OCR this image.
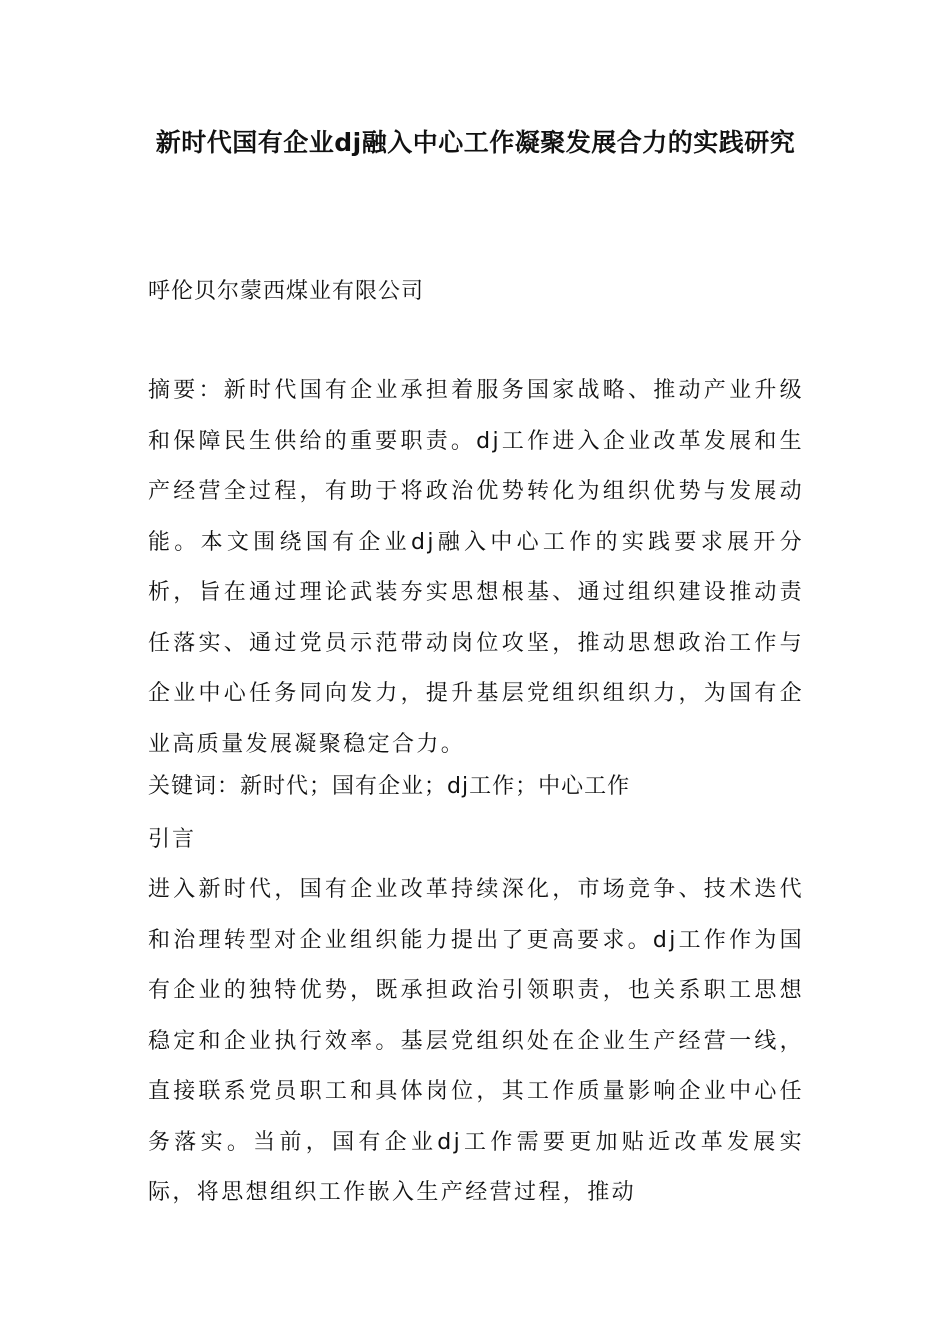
新时代国有企业dj融入中心工作凝聚发展合力的实践研究
呼伦贝尔蒙西煤业有限公司
摘要：新时代国有企业承担着服务国家战略、推动产业升级和保障民生供给的重要职责。dj工作进入企业改革发展和生产经营全过程，有助于将政治优势转化为组织优势与发展动能。本文围绕国有企业dj融入中心工作的实践要求展开分析，旨在通过理论武装夯实思想根基、通过组织建设推动责任落实、通过党员示范带动岗位攻坚，推动思想政治工作与企业中心任务同向发力，提升基层党组织组织力，为国有企业高质量发展凝聚稳定合力。
关键词：新时代；国有企业；dj工作；中心工作
引言
进入新时代，国有企业改革持续深化，市场竞争、技术迭代和治理转型对企业组织能力提出了更高要求。dj工作作为国有企业的独特优势，既承担政治引领职责，也关系职工思想稳定和企业执行效率。基层党组织处在企业生产经营一线，直接联系党员职工和具体岗位，其工作质量影响企业中心任务落实。当前，国有企业dj工作需要更加贴近改革发展实际，将思想组织工作嵌入生产经营过程，推动
